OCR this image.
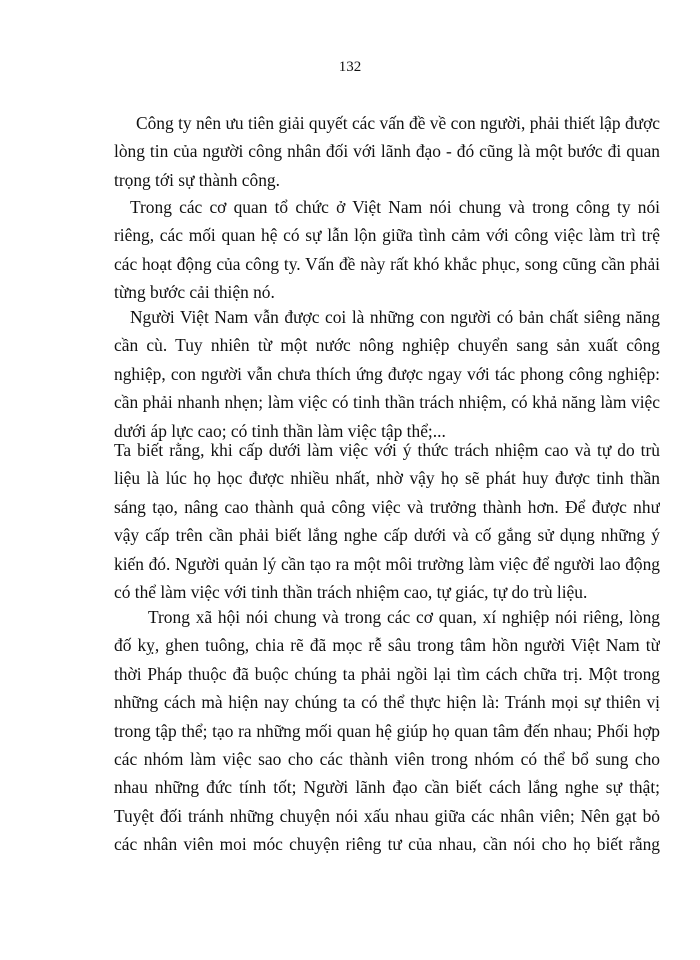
132
Công ty nên ưu tiên giải quyết các vấn đề về con người, phải thiết lập được
lòng tin của người công nhân đối với lãnh đạo - đó cũng là một bước đi quan
trọng tới sự thành công.
Trong các cơ quan tổ chức ở Việt Nam nói chung và trong công ty nói
riêng, các mối quan hệ có sự lẫn lộn giữa tình cảm với công việc làm trì trệ
các hoạt động của công ty. Vấn đề này rất khó khắc phục, song cũng cần phải
từng bước cải thiện nó.
Người Việt Nam vẫn được coi là những con người có bản chất siêng năng
cần cù. Tuy nhiên từ một nước nông nghiệp chuyển sang sản xuất công
nghiệp, con người vẫn chưa thích ứng được ngay với tác phong công nghiệp:
cần phải nhanh nhẹn; làm việc có tinh thần trách nhiệm, có khả năng làm việc
dưới áp lực cao; có tinh thần làm việc tập thể;...
Ta biết rằng, khi cấp dưới làm việc với ý thức trách nhiệm cao và tự do trù
liệu là lúc họ học được nhiều nhất, nhờ vậy họ sẽ phát huy được tinh thần
sáng tạo, nâng cao thành quả công việc và trưởng thành hơn. Để được như
vậy cấp trên cần phải biết lắng nghe cấp dưới và cố gắng sử dụng những ý
kiến đó. Người quản lý cần tạo ra một môi trường làm việc để người lao động
có thể làm việc với tinh thần trách nhiệm cao, tự giác, tự do trù liệu.
Trong xã hội nói chung và trong các cơ quan, xí nghiệp nói riêng, lòng
đố kỵ, ghen tuông, chia rẽ đã mọc rễ sâu trong tâm hồn người Việt Nam từ
thời Pháp thuộc đã buộc chúng ta phải ngồi lại tìm cách chữa trị. Một trong
những cách mà hiện nay chúng ta có thể thực hiện là: Tránh mọi sự thiên vị
trong tập thể; tạo ra những mối quan hệ giúp họ quan tâm đến nhau; Phối hợp
các nhóm làm việc sao cho các thành viên trong nhóm có thể bổ sung cho
nhau những đức tính tốt; Người lãnh đạo cần biết cách lắng nghe sự thật;
Tuyệt đối tránh những chuyện nói xấu nhau giữa các nhân viên; Nên gạt bỏ
các nhân viên moi móc chuyện riêng tư của nhau, cần nói cho họ biết rằng
